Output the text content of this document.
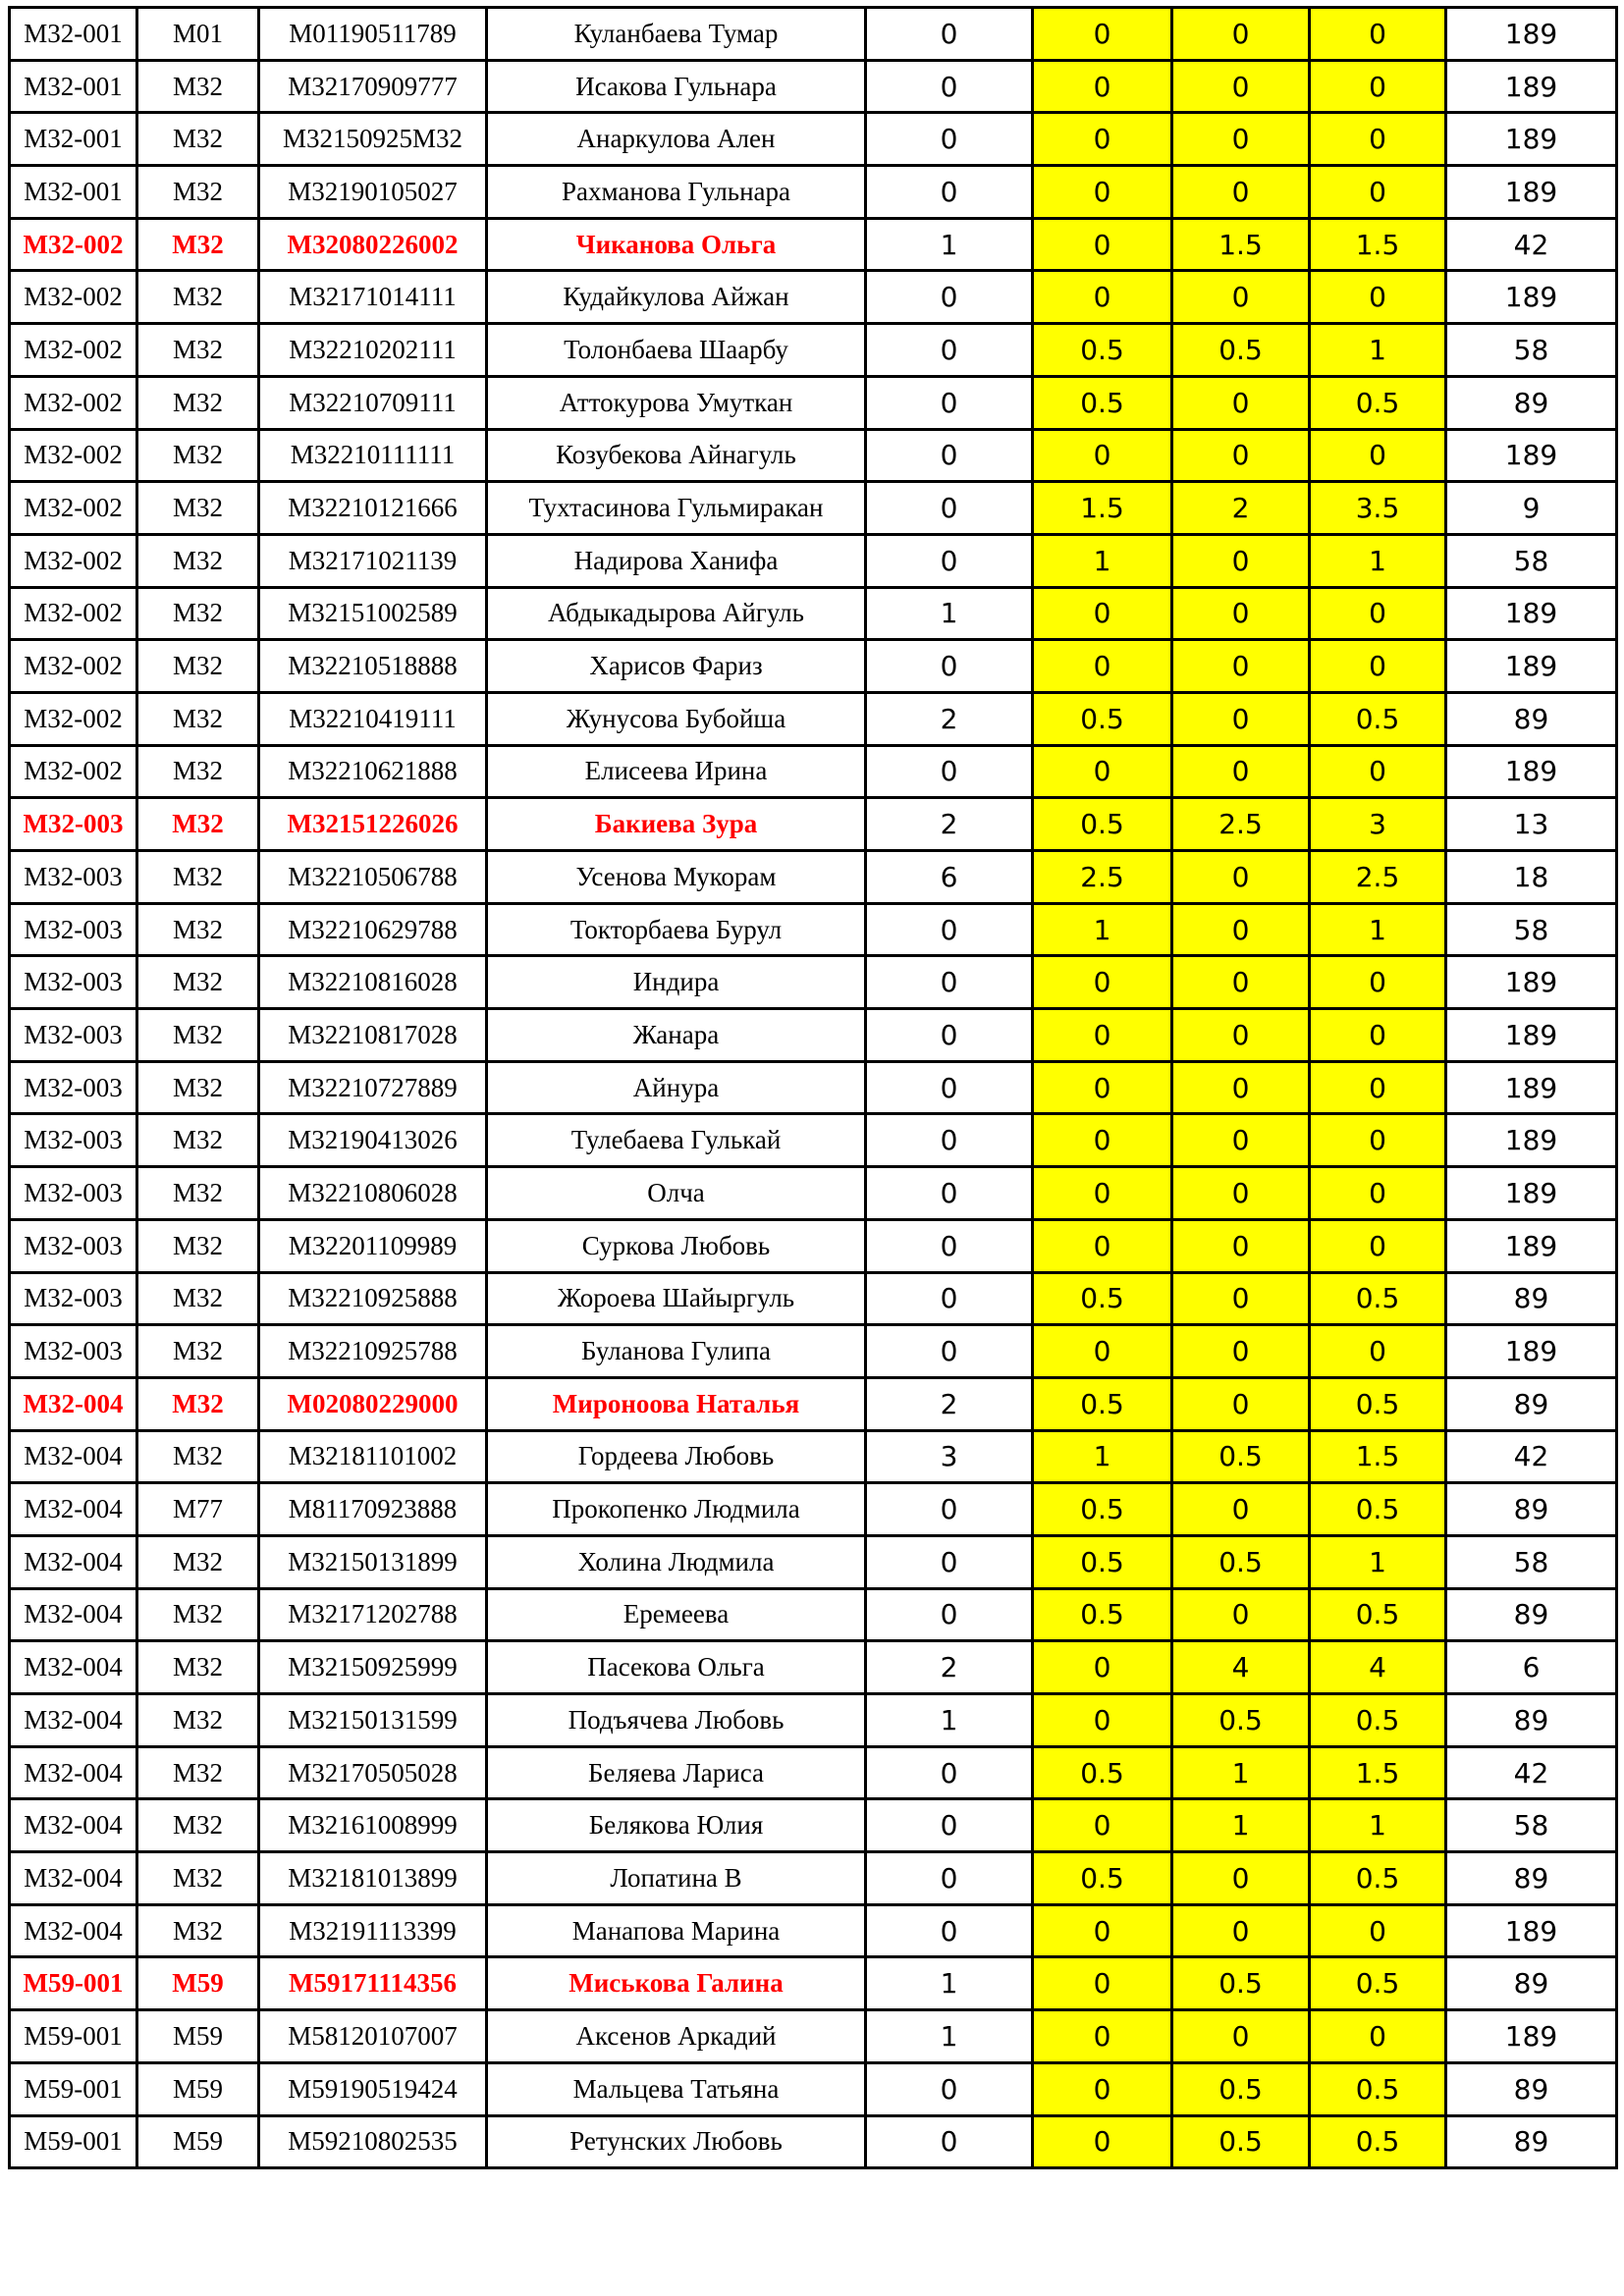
М32-001	М01	М01190511789	Куланбаева Тумар	0	0	0	0	189
М32-001	М32	М32170909777	Исакова Гульнара	0	0	0	0	189
М32-001	М32	М32150925М32	Анаркулова Ален	0	0	0	0	189
М32-001	М32	М32190105027	Рахманова Гульнара	0	0	0	0	189
М32-002	М32	М32080226002	Чиканова Ольга	1	0	1.5	1.5	42
М32-002	М32	М32171014111	Кудайкулова Айжан	0	0	0	0	189
М32-002	М32	М32210202111	Толонбаева Шаарбу	0	0.5	0.5	1	58
М32-002	М32	М32210709111	Аттокурова Умуткан	0	0.5	0	0.5	89
М32-002	М32	М32210111111	Козубекова Айнагуль	0	0	0	0	189
М32-002	М32	М32210121666	Тухтасинова Гульмиракан	0	1.5	2	3.5	9
М32-002	М32	М32171021139	Надирова Ханифа	0	1	0	1	58
М32-002	М32	М32151002589	Абдыкадырова Айгуль	1	0	0	0	189
М32-002	М32	М32210518888	Харисов Фариз	0	0	0	0	189
М32-002	М32	М32210419111	Жунусова Бубойша	2	0.5	0	0.5	89
М32-002	М32	М32210621888	Елисеева Ирина	0	0	0	0	189
М32-003	М32	М32151226026	Бакиева Зура	2	0.5	2.5	3	13
М32-003	М32	М32210506788	Усенова Мукорам	6	2.5	0	2.5	18
М32-003	М32	М32210629788	Токторбаева Бурул	0	1	0	1	58
М32-003	М32	М32210816028	Индира	0	0	0	0	189
М32-003	М32	М32210817028	Жанара	0	0	0	0	189
М32-003	М32	М32210727889	Айнура	0	0	0	0	189
М32-003	М32	М32190413026	Тулебаева Гулькай	0	0	0	0	189
М32-003	М32	М32210806028	Олча	0	0	0	0	189
М32-003	М32	М32201109989	Суркова Любовь	0	0	0	0	189
М32-003	М32	М32210925888	Жороева Шайыргуль	0	0.5	0	0.5	89
М32-003	М32	М32210925788	Буланова Гулипа	0	0	0	0	189
М32-004	М32	М02080229000	Мироноова Наталья	2	0.5	0	0.5	89
М32-004	М32	М32181101002	Гордеева Любовь	3	1	0.5	1.5	42
М32-004	М77	М81170923888	Прокопенко Людмила	0	0.5	0	0.5	89
М32-004	М32	М32150131899	Холина Людмила	0	0.5	0.5	1	58
М32-004	М32	М32171202788	Еремеева	0	0.5	0	0.5	89
М32-004	М32	М32150925999	Пасекова Ольга	2	0	4	4	6
М32-004	М32	М32150131599	Подъячева Любовь	1	0	0.5	0.5	89
М32-004	М32	М32170505028	Беляева Лариса	0	0.5	1	1.5	42
М32-004	М32	М32161008999	Белякова Юлия	0	0	1	1	58
М32-004	М32	М32181013899	Лопатина В	0	0.5	0	0.5	89
М32-004	М32	М32191113399	Манапова Марина	0	0	0	0	189
М59-001	М59	М59171114356	Миськова Галина	1	0	0.5	0.5	89
М59-001	М59	М58120107007	Аксенов Аркадий	1	0	0	0	189
М59-001	М59	М59190519424	Мальцева Татьяна	0	0	0.5	0.5	89
М59-001	М59	М59210802535	Ретунских Любовь	0	0	0.5	0.5	89
